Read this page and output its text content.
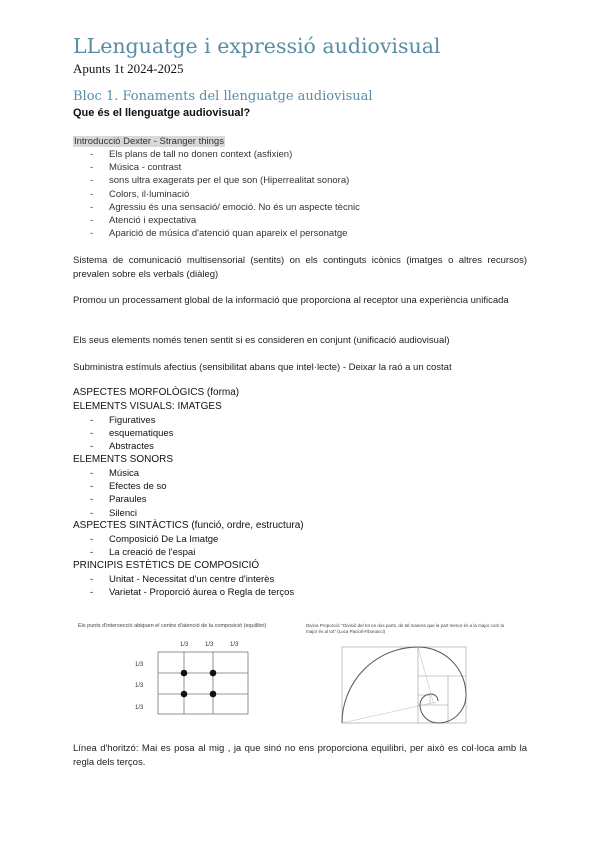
LLenguatge i expressió audiovisual
Apunts 1t 2024-2025
Bloc 1. Fonaments del llenguatge audiovisual
Que és el llenguatge audiovisual?
Introducció Dexter - Stranger things
- Els plans de tall no donen context (asfixien)
- Música - contrast
- sons ultra exagerats per el que son (Hiperrealitat sonora)
- Colors, il·luminació
- Agressiu és una sensació/ emoció. No és un aspecte tècnic
- Atenció i expectativa
- Aparició de música d'atenció quan apareix el personatge
Sistema de comunicació multisensorial (sentits) on els continguts icònics (imatges o altres recursos) prevalen sobre els verbals (diàleg)
Promou un processament global de la informació que proporciona al receptor una experiència unificada
Els seus elements només tenen sentit si es consideren en conjunt (unificació audiovisual)
Subministra estímuls afectius (sensibilitat abans que intel·lecte) - Deixar la raó a un costat
ASPECTES MORFOLÒGICS (forma)
ELEMENTS VISUALS: IMATGES
- Figuratives
- esquematiques
- Abstractes
ELEMENTS SONORS
- Música
- Efectes de so
- Paraules
- Silenci
ASPECTES SINTÀCTICS (funció, ordre, estructura)
- Composició De La Imatge
- La creació de l'espai
PRINCIPIS ESTÈTICS DE COMPOSICIÓ
- Unitat - Necessitat d'un centre d'interès
- Varietat - Proporció àurea o Regla de terços
Els punts d'intersecció abiquen el centre d'atenció de la composició (equilibri)
1/3	1/3	1/3
1/3
1/3
1/3
Divina Proporció: "Divisió del tot en dos parts, de tal manera que la part menor és a la major com la major és al tot" (Luca Pacioli-Fibonacci)
Línea d'horitzó: Mai es posa al mig , ja que sinó no ens proporciona equilibri, per això es col·loca amb la regla dels terços.
